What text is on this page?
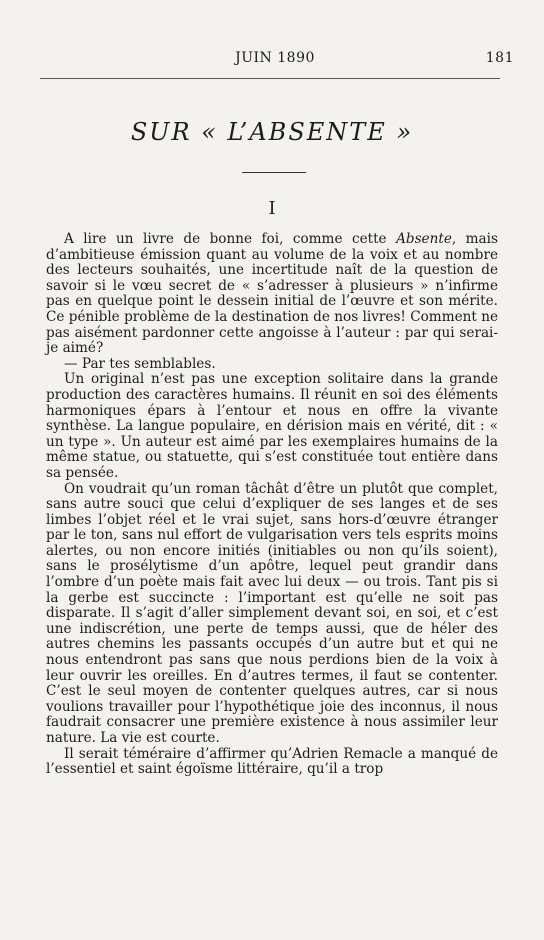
JUIN 1890	181
SUR « L’ABSENTE »
I

A lire un livre de bonne foi, comme cette Absente, mais d’ambitieuse émission quant au volume de la voix et au nombre des lecteurs souhaités, une incertitude naît de la question de savoir si le vœu secret de « s’adresser à plusieurs » n’infirme pas en quelque point le dessein initial de l’œuvre et son mérite. Ce pénible problème de la destination de nos livres! Comment ne pas aisément pardonner cette angoisse à l’auteur : par qui serai-je aimé?

— Par tes semblables.

Un original n’est pas une exception solitaire dans la grande production des caractères humains. Il réunit en soi des éléments harmoniques épars à l’entour et nous en offre la vivante synthèse. La langue populaire, en dérision mais en vérité, dit : « un type ». Un auteur est aimé par les exemplaires humains de la même statue, ou statuette, qui s’est constituée tout entière dans sa pensée.

On voudrait qu’un roman tâchât d’être un plutôt que complet, sans autre souci que celui d’expliquer de ses langes et de ses limbes l’objet réel et le vrai sujet, sans hors-d’œuvre étranger par le ton, sans nul effort de vulgarisation vers tels esprits moins alertes, ou non encore initiés (initiables ou non qu’ils soient), sans le prosélytisme d’un apôtre, lequel peut grandir dans l’ombre d’un poète mais fait avec lui deux — ou trois. Tant pis si la gerbe est succincte : l’important est qu’elle ne soit pas disparate. Il s’agit d’aller simplement devant soi, en soi, et c’est une indiscrétion, une perte de temps aussi, que de héler des autres chemins les passants occupés d’un autre but et qui ne nous entendront pas sans que nous perdions bien de la voix à leur ouvrir les oreilles. En d’autres termes, il faut se contenter. C’est le seul moyen de contenter quelques autres, car si nous voulions travailler pour l’hypothétique joie des inconnus, il nous faudrait consacrer une première existence à nous assimiler leur nature. La vie est courte.

Il serait téméraire d’affirmer qu’Adrien Remacle a manqué de l’essentiel et saint égoïsme littéraire, qu’il a trop
